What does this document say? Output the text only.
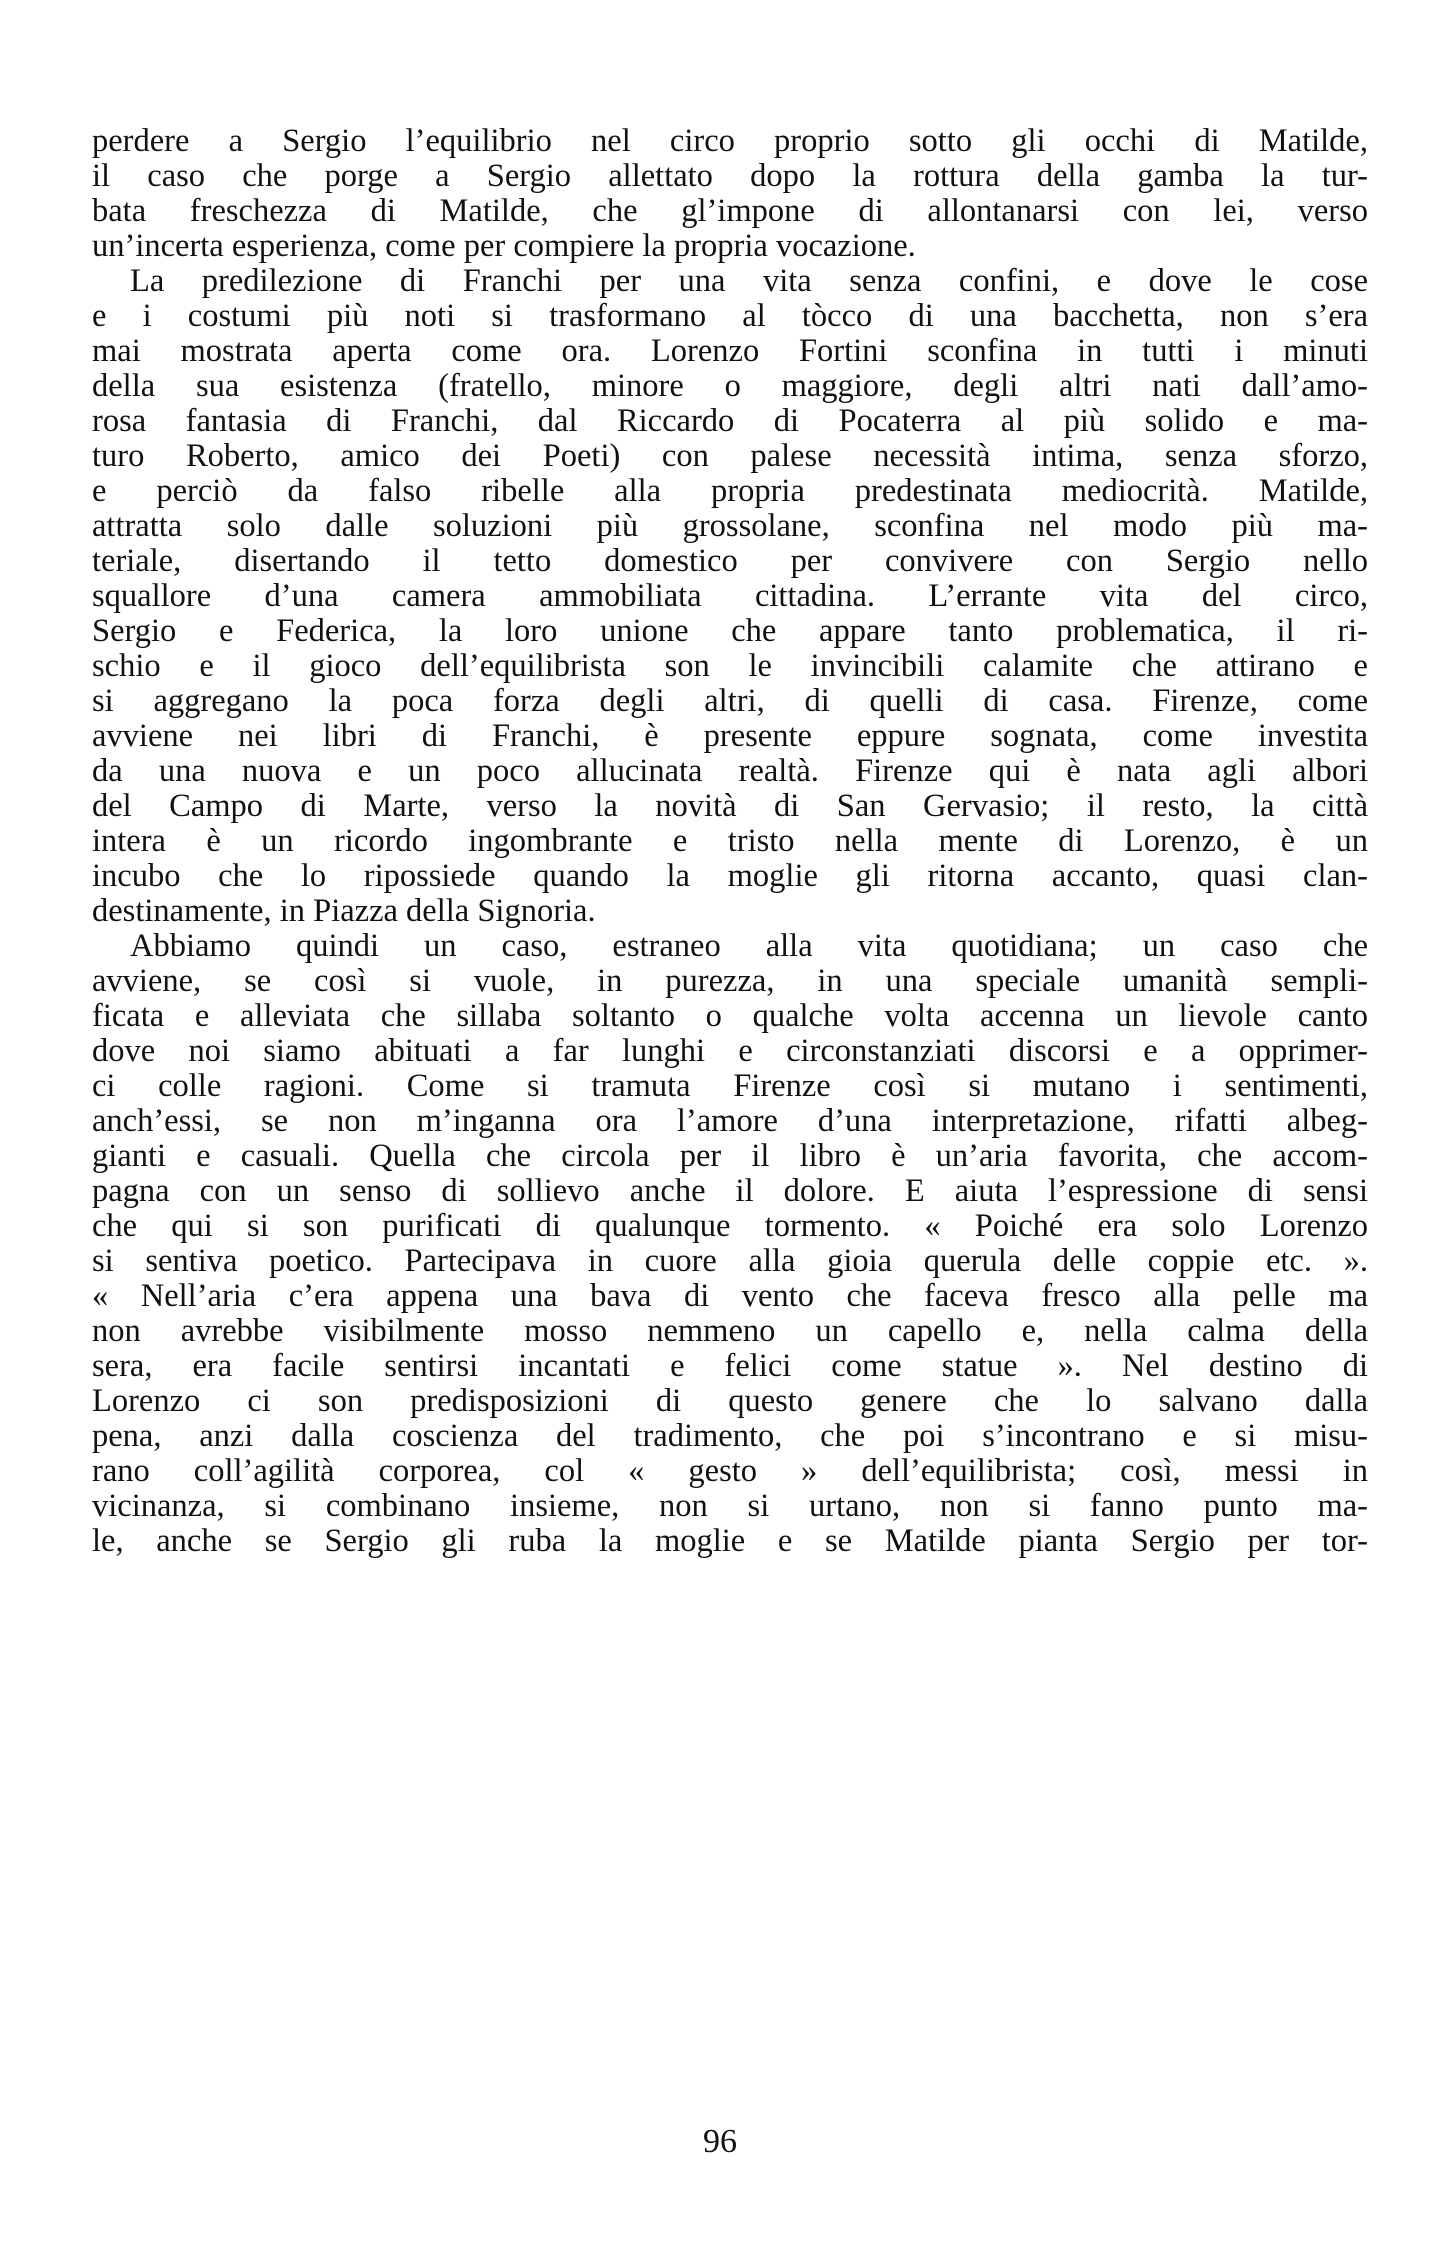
perdere a Sergio l’equilibrio nel circo proprio sotto gli occhi di Matilde,
il caso che porge a Sergio allettato dopo la rottura della gamba la tur-
bata freschezza di Matilde, che gl’impone di allontanarsi con lei, verso
un’incerta esperienza, come per compiere la propria vocazione.
La predilezione di Franchi per una vita senza confini, e dove le cose
e i costumi più noti si trasformano al tòcco di una bacchetta, non s’era
mai mostrata aperta come ora. Lorenzo Fortini sconfina in tutti i minuti
della sua esistenza (fratello, minore o maggiore, degli altri nati dall’amo-
rosa fantasia di Franchi, dal Riccardo di Pocaterra al più solido e ma-
turo Roberto, amico dei Poeti) con palese necessità intima, senza sforzo,
e perciò da falso ribelle alla propria predestinata mediocrità. Matilde,
attratta solo dalle soluzioni più grossolane, sconfina nel modo più ma-
teriale, disertando il tetto domestico per convivere con Sergio nello
squallore d’una camera ammobiliata cittadina. L’errante vita del circo,
Sergio e Federica, la loro unione che appare tanto problematica, il ri-
schio e il gioco dell’equilibrista son le invincibili calamite che attirano e
si aggregano la poca forza degli altri, di quelli di casa. Firenze, come
avviene nei libri di Franchi, è presente eppure sognata, come investita
da una nuova e un poco allucinata realtà. Firenze qui è nata agli albori
del Campo di Marte, verso la novità di San Gervasio; il resto, la città
intera è un ricordo ingombrante e tristo nella mente di Lorenzo, è un
incubo che lo ripossiede quando la moglie gli ritorna accanto, quasi clan-
destinamente, in Piazza della Signoria.
Abbiamo quindi un caso, estraneo alla vita quotidiana; un caso che
avviene, se così si vuole, in purezza, in una speciale umanità sempli-
ficata e alleviata che sillaba soltanto o qualche volta accenna un lievole canto
dove noi siamo abituati a far lunghi e circonstanziati discorsi e a opprimer-
ci colle ragioni. Come si tramuta Firenze così si mutano i sentimenti,
anch’essi, se non m’inganna ora l’amore d’una interpretazione, rifatti albeg-
gianti e casuali. Quella che circola per il libro è un’aria favorita, che accom-
pagna con un senso di sollievo anche il dolore. E aiuta l’espressione di sensi
che qui si son purificati di qualunque tormento. « Poiché era solo Lorenzo
si sentiva poetico. Partecipava in cuore alla gioia querula delle coppie etc. ».
« Nell’aria c’era appena una bava di vento che faceva fresco alla pelle ma
non avrebbe visibilmente mosso nemmeno un capello e, nella calma della
sera, era facile sentirsi incantati e felici come statue ». Nel destino di
Lorenzo ci son predisposizioni di questo genere che lo salvano dalla
pena, anzi dalla coscienza del tradimento, che poi s’incontrano e si misu-
rano coll’agilità corporea, col « gesto » dell’equilibrista; così, messi in
vicinanza, si combinano insieme, non si urtano, non si fanno punto ma-
le, anche se Sergio gli ruba la moglie e se Matilde pianta Sergio per tor-
96
